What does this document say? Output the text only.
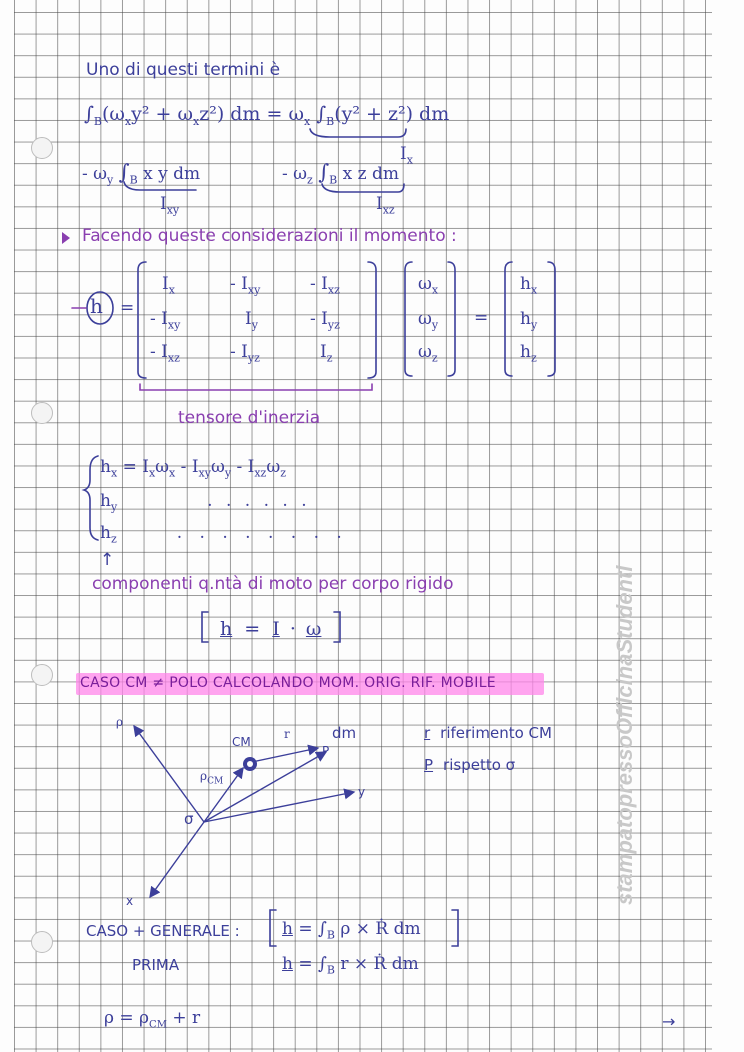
Uno di questi termini è
$\int_B(\omega_xy^2 + \omega_xz^2)$ dm = $\omega_x$ $\int_B(y^2 + z^2)$ dm
$I_x$
- $\omega_y$ $\int_B$ x y dm
$I_{xy}$
- $\omega_z$ $\int_B$ x z dm
$I_{xz}$
Facendo queste considerazioni il momento :
h =
$I_x$	- $I_{xy}$	- $I_{xz}$
- $I_{xy}$	$I_y$	- $I_{yz}$
- $I_{xz}$	- $I_{yz}$	$I_z$
$\omega_x$
$\omega_y$
$\omega_z$
=
$h_x$
$h_y$
$h_z$
tensore d'inerzia
$h_x = I_x\omega_x - I_{xy}\omega_y - I_{xz}\omega_z$
$h_y$	. . . . . .
$h_z$	. . . . . . . .
↑
componenti q.ntà di moto per corpo rigido
h = I · ω
CASO CM ≠ POLO CALCOLANDO MOM. ORIG. RIF. MOBILE
ρ
CM
r	dm
$\rho_{CM}$
P
σ
y
x
r riferimento CM
P rispetto σ
CASO + GENERALE : $h = \int_B$ ρ × Ṙ dm
PRIMA	$h = \int_B$ r × Ṙ dm
$\rho = \rho_{CM} + r$	→
stampatopressoOfficinaStudenti
